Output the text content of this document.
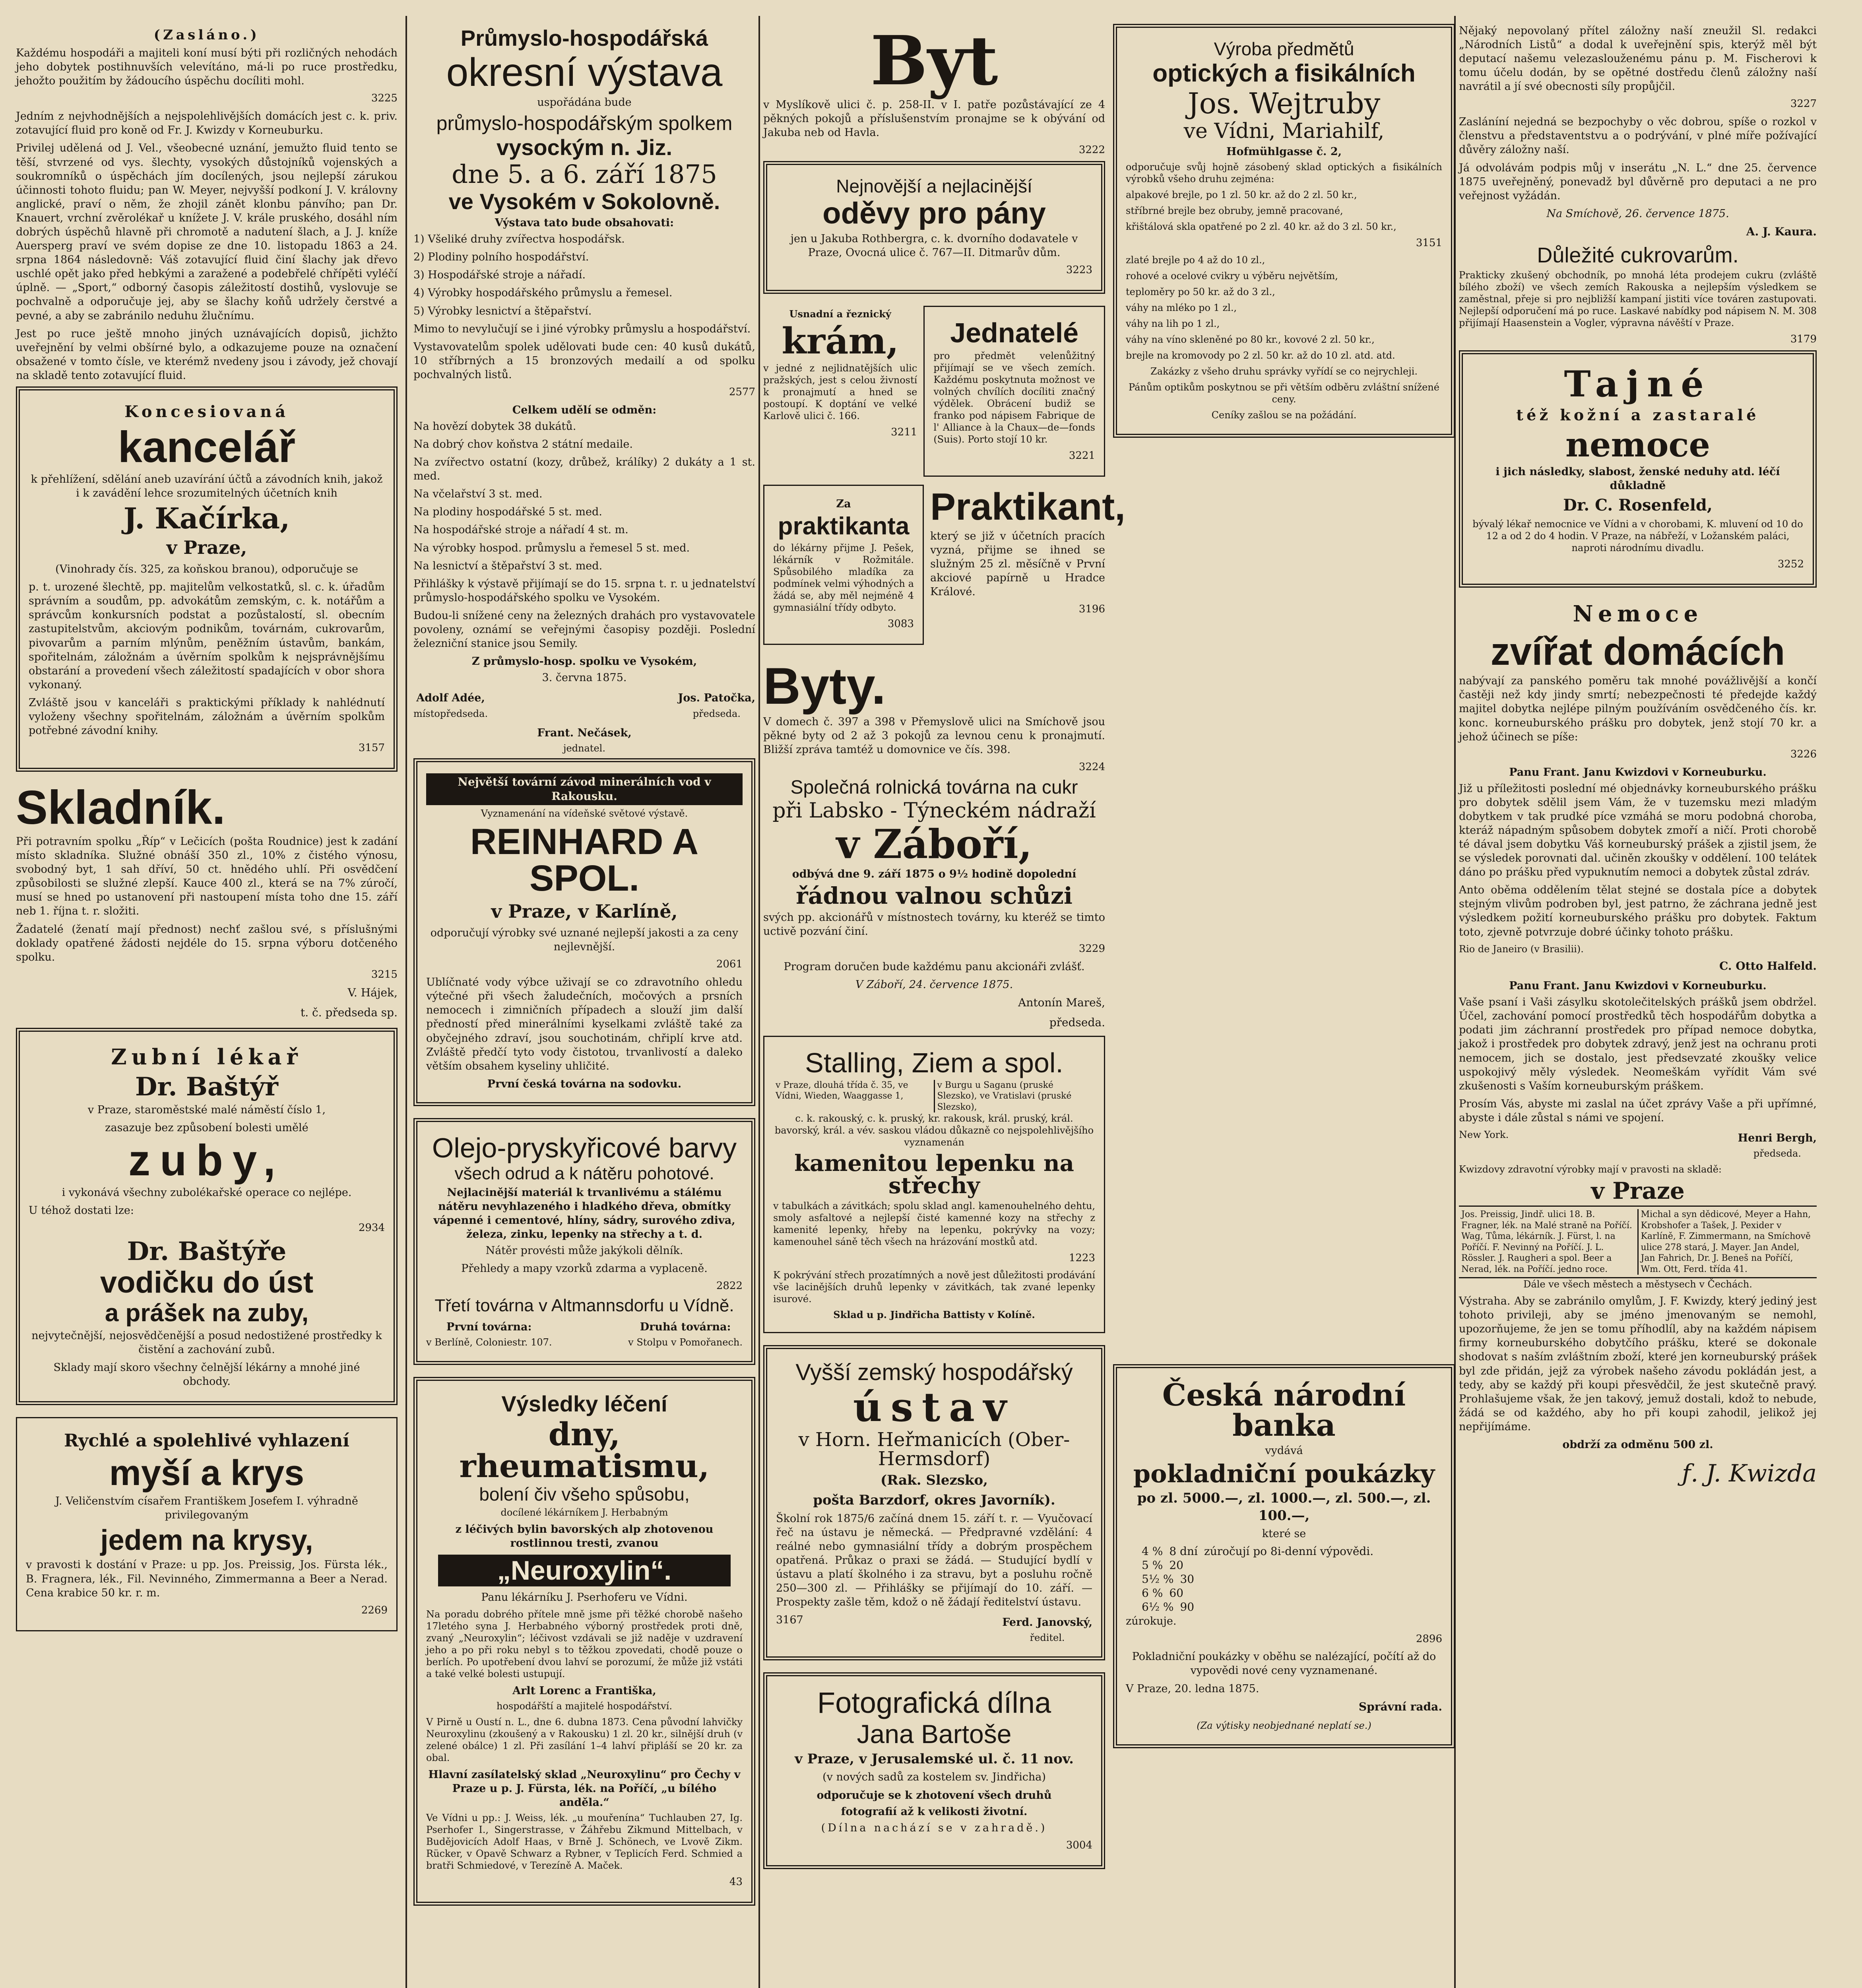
(Zasláno.)

Každému hospodáři a majiteli koní musí býti při rozličných nehodách jeho dobytek postihnuvších velevítáno, má-li po ruce prostředku, jehožto použitím by žádoucího úspěchu docíliti mohl.

3225

Jedním z nejvhodnějších a nejspolehlivějších domácích jest c. k. priv. zotavující fluid pro koně od Fr. J. Kwizdy v Korneuburku.

Privilej udělená od J. Vel., všeobecné uznání, jemužto fluid tento se těší, stvrzené od vys. šlechty, vysokých důstojníků vojenských a soukromníků o úspěchách jím docílených, jsou nejlepší zárukou účinnosti tohoto fluidu; pan W. Meyer, nejvyšší podkoní J. V. královny anglické, praví o něm, že zhojil zánět klonbu pánvího; pan Dr. Knauert, vrchní zvěrolékař u knížete J. V. krále pruského, dosáhl ním dobrých úspěchů hlavně při chromotě a nadutení šlach, a J. J. kníže Auersperg praví ve svém dopise ze dne 10. listopadu 1863 a 24. srpna 1864 následovně: Váš zotavující fluid činí šlachy jak dřevo uschlé opět jako před hebkými a zaražené a podebřelé chřípěti vyléčí úplně. — „Sport,“ odborný časopis záležitostí dostihů, vyslovuje se pochvalně a odporučuje jej, aby se šlachy koňů udržely čerstvé a pevné, a aby se zabránilo neduhu žlučnímu.

Jest po ruce ještě mnoho jiných uznávajících dopisů, jichžto uveřejnění by velmi obšírné bylo, a odkazujeme pouze na označení obsažené v tomto čísle, ve kterémž nvedeny jsou i závody, jež chovají na skladě tento zotavující fluid.

Koncesiovaná

kancelář

k přehlížení, sdělání aneb uzavírání účtů a závodních knih, jakož i k zavádění lehce srozumitelných účetních knih

J. Kačírka,

v Praze,

(Vinohrady čís. 325, za koňskou branou), odporučuje se

p. t. urozené šlechtě, pp. majitelům velkostatků, sl. c. k. úřadům správním a soudům, pp. advokátům zemským, c. k. notářům a správcům konkursních podstat a pozůstalostí, sl. obecním zastupitelstvům, akciovým podnikům, továrnám, cukrovarům, pivovarům a parním mlýnům, peněžním ústavům, bankám, spořitelnám, záložnám a úvěrním spolkům k nejsprávnějšímu obstarání a provedení všech záležitostí spadajících v obor shora vykonaný.

Zvláště jsou v kanceláři s praktickými příklady k nahlédnutí vyloženy všechny spořitelnám, záložnám a úvěrním spolkům potřebné závodní knihy.

3157

Skladník.

Při potravním spolku „Říp“ v Lečicích (pošta Roudnice) jest k zadání místo skladníka. Služné obnáší 350 zl., 10% z čistého výnosu, svobodný byt, 1 sah dříví, 50 ct. hnědého uhlí. Při osvědčení způsobilosti se služné zlepší. Kauce 400 zl., která se na 7% zúročí, musí se hned po ustanovení při nastoupení místa toho dne 15. září neb 1. října t. r. složiti.

Žadatelé (ženatí mají přednost) nechť zašlou své, s příslušnými doklady opatřené žádosti nejdéle do 15. srpna výboru dotčeného spolku.

3215

V. Hájek,

t. č. předseda sp.

Zubní lékař

Dr. Baštýř

v Praze, staroměstské malé náměstí číslo 1,

zasazuje bez způsobení bolesti umělé

zuby,

i vykonává všechny zubolékařské operace co nejlépe.

U téhož dostati lze:

2934

Dr. Baštýře

vodičku do úst

a prášek na zuby,

nejvytečnější, nejosvědčenější a posud nedostižené prostředky k čistění a zachování zubů.

Sklady mají skoro všechny čelnější lékárny a mnohé jiné obchody.

Rychlé a spolehlivé vyhlazení

myší a krys

J. Veličenstvím císařem Františkem Josefem I. výhradně privilegovaným

jedem na krysy,

v pravosti k dostání v Praze: u pp. Jos. Preissig, Jos. Fürsta lék., B. Fragnera, lék., Fil. Nevinného, Zimmermanna a Beer a Nerad. Cena krabice 50 kr. r. m.

2269

Průmyslo-hospodářská

okresní výstava

uspořádána bude

průmyslo-hospodářským spolkem

vysockým n. Jiz.

dne 5. a 6. září 1875

ve Vysokém v Sokolovně.

Výstava tato bude obsahovati:

1) Všeliké druhy zvířectva hospodářsk.

2) Plodiny polního hospodářství.

3) Hospodářské stroje a nářadí.

4) Výrobky hospodářského průmyslu a řemesel.

5) Výrobky lesnictví a štěpařství.

Mimo to nevylučují se i jiné výrobky průmyslu a hospodářství.

Vystavovatelům spolek udělovati bude cen: 40 kusů dukátů, 10 stříbrných a 15 bronzových medailí a od spolku pochvalných listů.

2577

Celkem udělí se odměn:

Na hovězí dobytek 38 dukátů.

Na dobrý chov koňstva 2 státní medaile.

Na zvířectvo ostatní (kozy, drůbež, králíky) 2 dukáty a 1 st. med.

Na včelařství 3 st. med.

Na plodiny hospodářské 5 st. med.

Na hospodářské stroje a nářadí 4 st. m.

Na výrobky hospod. průmyslu a řemesel 5 st. med.

Na lesnictví a štěpařství 3 st. med.

Přihlášky k výstavě přijímají se do 15. srpna t. r. u jednatelství průmyslo-hospodářského spolku ve Vysokém.

Budou-li snížené ceny na železných drahách pro vystavovatele povoleny, oznámí se veřejnými časopisy později. Poslední železniční stanice jsou Semily.

Z průmyslo-hosp. spolku ve Vysokém,

3. června 1875.

Adolf Adée,

místopředseda.

Jos. Patočka,

předseda.

Frant. Nečásek,

jednatel.

Největší tovární závod minerálních vod v Rakousku.

Vyznamenání na vídeňské světové výstavě.

REINHARD A SPOL.

v Praze, v Karlíně,

odporučují výrobky své uznané nejlepší jakosti a za ceny nejlevnější.

2061

Ublíčnaté vody výbce uživají se co zdravotního ohledu výtečné při všech žaludečních, močových a prsních nemocech i zimničních případech a slouží jim další předností před minerálními kyselkami zvláště také za obyčejného zdraví, jsou souchotinám, chřiplí krve atd. Zvláště předčí tyto vody čistotou, trvanlivostí a daleko větším obsahem kyseliny uhličité.

První česká továrna na sodovku.

Olejo-pryskyřicové barvy

všech odrud a k nátěru pohotové.

Nejlacinější materiál k trvanlivému a stálému nátěru nevyhlazeného i hladkého dřeva, obmítky vápenné i cementové, hlíny, sádry, surového zdiva, železa, zinku, lepenky na střechy a t. d.

Nátěr provésti může jakýkoli dělník.

Přehledy a mapy vzorků zdarma a vyplaceně.

2822

Třetí továrna v Altmannsdorfu u Vídně.

První továrna:

v Berlíně, Coloniestr. 107.

Druhá továrna:

v Stolpu v Pomořanech.

Výsledky léčení

dny, rheumatismu,

bolení čiv všeho spůsobu,

docílené lékárníkem J. Herbabným

z léčivých bylin bavorských alp zhotovenou rostlinnou tresti, zvanou

„Neuroxylin“.

Panu lékárníku J. Pserhoferu ve Vídni.

Na poradu dobrého přítele mně jsme při těžké chorobě našeho 17letého syna J. Herbabného výborný prostředek proti dně, zvaný „Neuroxylin“; léčivost vzdávali se již naděje v uzdravení jeho a po při roku nebyl s to těžkou zpovedati, chodě pouze o berlích. Po upotřebení dvou lahví se porozumí, že může již vstáti a také velké bolesti ustupují.

Arlt Lorenc a Františka,

hospodářští a majitelé hospodářství.

V Pirně u Oustí n. L., dne 6. dubna 1873. Cena původní lahvičky Neuroxylinu (zkoušený a v Rakousku) 1 zl. 20 kr., silnější druh (v zelené obálce) 1 zl. Při zasílání 1–4 lahví připláší se 20 kr. za obal.

Hlavní zasílatelský sklad „Neuroxylinu“ pro Čechy v Praze u p. J. Fürsta, lék. na Poříčí, „u bílého anděla.“

Ve Vídni u pp.: J. Weiss, lék. „u mouřenína“ Tuchlauben 27, Ig. Pserhofer I., Singerstrasse, v Žáhřebu Zikmund Mittelbach, v Budějovicích Adolf Haas, v Brně J. Schönech, ve Lvově Zikm. Rücker, v Opavě Schwarz a Rybner, v Teplicích Ferd. Schmied a bratři Schmiedové, v Terezíně A. Maček.

43

Byt

v Myslíkově ulici č. p. 258-II. v I. patře pozůstávající ze 4 pěkných pokojů a příslušenstvím pronajme se k obývání od Jakuba neb od Havla.

3222

Nejnovější a nejlacinější

oděvy pro pány

jen u Jakuba Rothbergra, c. k. dvorního dodavatele v Praze, Ovocná ulice č. 767—II. Ditmarův dům.

3223

Usnadní a řeznický

krám,

v jedné z nejlidnatějších ulic pražských, jest s celou živností k pronajmutí a hned se postoupí. K doptání ve velké Karlově ulici č. 166.

3211

Jednatelé

pro předmět velenůžitný přijímají se ve všech zemích. Každému poskytnuta možnost ve volných chvílích docíliti značný výdělek. Obrácení budiž se franko pod nápisem Fabrique de l' Alliance à la Chaux—de—fonds (Suis). Porto stojí 10 kr.

3221

Za

praktikanta

do lékárny přijme J. Pešek, lékárník v Rožmitále. Spůsobilého mladíka za podmínek velmi výhodných a žádá se, aby měl nejméně 4 gymnasiální třídy odbyto.

3083

Praktikant,

který se již v účetních pracích vyzná, přijme se ihned se služným 25 zl. měsíčně v První akciové papírně u Hradce Králové.

3196

Byty.

V domech č. 397 a 398 v Přemyslově ulici na Smíchově jsou pěkné byty od 2 až 3 pokojů za levnou cenu k pronajmutí. Bližší zpráva tamtéž u domovnice ve čís. 398.

3224

Společná rolnická továrna na cukr

při Labsko - Týneckém nádraží

v Záboří,

odbývá dne 9. září 1875 o 9½ hodině dopolední

řádnou valnou schůzi

svých pp. akcionářů v místnostech továrny, ku kteréž se timto uctivě pozvání činí.

3229

Program doručen bude každému panu akcionáři zvlášť.

V Záboří, 24. července 1875.

Antonín Mareš,

předseda.

Stalling, Ziem a spol.

v Praze, dlouhá třída č. 35, ve Vídni, Wieden, Waaggasse 1,
v Burgu u Saganu (pruské Slezsko), ve Vratislavi (pruské Slezsko),

c. k. rakouský, c. k. pruský, kr. rakousk, král. pruský, král. bavorský, král. a vév. saskou vládou důkazně co nejspolehlivějšího vyznamenán

kamenitou lepenku na střechy

v tabulkách a závitkách; spolu sklad angl. kamenouhelného dehtu, smoly asfaltové a nejlepší čisté kamenné kozy na střechy z kamenité lepenky, hřeby na lepenku, pokrývky na vozy; kamenouhel sáně těch všech na hrázování mostků atd.

1223

K pokrývání střech prozatímných a nově jest důležitosti prodávání vše lacinějších druhů lepenky v závitkách, tak zvané lepenky isurové.

Sklad u p. Jindřicha Battisty v Kolíně.

Vyšší zemský hospodářský

ústav

v Horn. Heřmanicích (Ober-Hermsdorf)

(Rak. Slezsko,

pošta Barzdorf, okres Javorník).

Školní rok 1875/6 začíná dnem 15. září t. r. — Vyučovací řeč na ústavu je německá. — Předpravné vzdělání: 4 reálné nebo gymnasiální třídy a dobrým prospěchem opatřená. Průkaz o praxi se žádá. — Studující bydlí v ústavu a platí školného i za stravu, byt a posluhu ročně 250—300 zl. — Přihlášky se přijímají do 10. září. — Prospekty zašle těm, kdož o ně žádají ředitelství ústavu.

3167	Ferd. Janovský,

ředitel.

Fotografická dílna

Jana Bartoše

v Praze, v Jerusalemské ul. č. 11 nov.

(v nových sadů za kostelem sv. Jindřicha)

odporučuje se k zhotovení všech druhů

fotografií až k velikosti životní.

(Dílna nachází se v zahradě.)

3004

Výroba předmětů

optických a fisikálních

Jos. Wejtruby

ve Vídni, Mariahilf,

Hofmühlgasse č. 2,

odporučuje svůj hojně zásobený sklad optických a fisikálních výrobků všeho druhu zejména:

alpakové brejle, po 1 zl. 50 kr. až do 2 zl. 50 kr.,

stříbrné brejle bez obruby, jemně pracované,

křištálová skla opatřené po 2 zl. 40 kr. až do 3 zl. 50 kr.,

3151

zlaté brejle po 4 až do 10 zl.,

rohové a ocelové cvikry u výběru největším,

teploměry po 50 kr. až do 3 zl.,

váhy na mléko po 1 zl.,

váhy na lih po 1 zl.,

váhy na víno skleněné po 80 kr., kovové 2 zl. 50 kr.,

brejle na kromovody po 2 zl. 50 kr. až do 10 zl. atd. atd.

Zakázky z všeho druhu správky vyřídí se co nejrychleji.

Pánům optikům poskytnou se při větším odběru zvláštní snížené ceny.

Ceníky zašlou se na požádání.

Česká národní banka

vydává

pokladniční poukázky

po zl. 5000.—, zl. 1000.—, zl. 500.—, zl. 100.—,

které se

4 % 8 dní zúročují po 8i-denní výpovědi.
5 % 20
5½ % 30
6 % 60
6½ % 90

zúrokuje.

2896

Pokladniční poukázky v oběhu se nalézající, počítí až do vypovědi nové ceny vyznamenané.

V Praze, 20. ledna 1875.

Správní rada.

(Za výtisky neobjednané neplatí se.)

Nějaký nepovolaný přítel záložny naší zneužil Sl. redakci „Národních Listů“ a dodal k uveřejnění spis, kterýž měl být deputací našemu velezaslouženému pánu p. M. Fischerovi k tomu účelu dodán, by se opětné dostředu členů záložny naší navrátil a jí své obecnosti síly propůjčil.

3227

Zasláníní nejedná se bezpochyby o věc dobrou, spíše o rozkol v členstvu a představentstvu a o podrývání, v plné míře požívající důvěry záložny naší.

Já odvolávám podpis můj v inserátu „N. L.“ dne 25. července 1875 uveřejněný, ponevadž byl důvěrně pro deputaci a ne pro veřejnost vyžádán.

Na Smíchově, 26. července 1875.

A. J. Kaura.

Důležité cukrovarům.

Prakticky zkušený obchodník, po mnohá léta prodejem cukru (zvláště bílého zboží) ve všech zemích Rakouska a nejlepším výsledkem se zaměstnal, přeje si pro nejbližší kampaní jistiti více továren zastupovati. Nejlepší odporučení má po ruce. Laskavé nabídky pod nápisem N. M. 308 přijímají Haasenstein a Vogler, výpravna návěští v Praze.

3179

Tajné

též kožní a zastaralé

nemoce

i jich následky, slabost, ženské neduhy atd. léčí důkladně

Dr. C. Rosenfeld,

bývalý lékař nemocnice ve Vídni a v chorobami, K. mluvení od 10 do 12 a od 2 do 4 hodin. V Praze, na nábřeží, v Ložanském paláci, naproti národnímu divadlu.

3252

Nemoce

zvířat domácích

nabývají za panského poměru tak mnohé povážlivější a končí častěji než kdy jindy smrtí; nebezpečnosti té předejde každý majitel dobytka nejlépe pilným používáním osvědčeného čís. kr. konc. korneuburského prášku pro dobytek, jenž stojí 70 kr. a jehož účinech se píše:

3226

Panu Frant. Janu Kwizdovi v Korneuburku.

Již u příležitosti poslední mé objednávky korneuburského prášku pro dobytek sdělil jsem Vám, že v tuzemsku mezi mladým dobytkem v tak prudké píce vzmáhá se moru podobná choroba, kteráž nápadným spůsobem dobytek zmoří a ničí. Proti chorobě té dával jsem dobytku Váš korneuburský prášek a zjistil jsem, že se výsledek porovnati dal. učiněn zkoušky v oddělení. 100 telátek dáno po prášku před vypuknutím nemoci a dobytek zůstal zdráv.

Anto oběma oddělením tělat stejné se dostala píce a dobytek stejným vlivům podroben byl, jest patrno, že záchrana jedně jest výsledkem požití korneuburského prášku pro dobytek. Faktum toto, zjevně potvrzuje dobré účinky tohoto prášku.

Rio de Janeiro (v Brasilii).

C. Otto Halfeld.

Panu Frant. Janu Kwizdovi v Korneuburku.

Vaše psaní i Vaši zásylku skotolečitelských prášků jsem obdržel. Účel, zachování pomocí prostředků těch hospodářům dobytka a podati jim záchranní prostředek pro případ nemoce dobytka, jakož i prostředek pro dobytek zdravý, jenž jest na ochranu proti nemocem, jich se dostalo, jest předsevzaté zkoušky velice uspokojivý měly výsledek. Neomeškám vyřídit Vám své zkušenosti s Vaším korneuburským práškem.

Prosím Vás, abyste mi zaslal na účet zprávy Vaše a při upřímné, abyste i dále zůstal s námi ve spojení.

New York.	Henri Bergh,

předseda.

Kwizdovy zdravotní výrobky mají v pravosti na skladě:

v Praze

Jos. Preissig, Jindř. ulici 18. B. Fragner, lék. na Malé straně na Poříčí. Wag, Tůma, lékárník. J. Fürst, l. na Poříčí. F. Nevinný na Poříčí. J. L. Rössler. J. Raugheri a spol. Beer a Nerad, lék. na Poříčí. jedno roce.
Michal a syn dědicové, Meyer a Hahn, Krobshofer a Tašek, J. Pexider v Karlíně, F. Zimmermann, na Smíchově ulice 278 stará, J. Mayer. Jan Andel, Jan Fahrich, Dr. J. Beneš na Poříčí, Wm. Ott, Ferd. třída 41.

Dále ve všech městech a městysech v Čechách.

Výstraha. Aby se zabránilo omylům, J. F. Kwizdy, který jediný jest tohoto privileji, aby se jméno jmenovaným se nemohl, upozorňujeme, že jen se tomu příhodlíl, aby na každém nápisem firmy korneuburského dobytčího prášku, které se dokonale shodovat s naším zvláštním zboží, které jen korneuburský prášek byl zde přidán, jejž za výrobek našeho závodu pokládán jest, a tedy, aby se každý při koupi přesvědčil, že jest skutečně pravý. Prohlašujeme však, že jen takový, jemuž dostali, kdož to nebude, žádá se od každého, aby ho při koupi zahodil, jelikož jej nepřijímáme.

obdrží za odměnu 500 zl.

ƒ. J. Kwizda
